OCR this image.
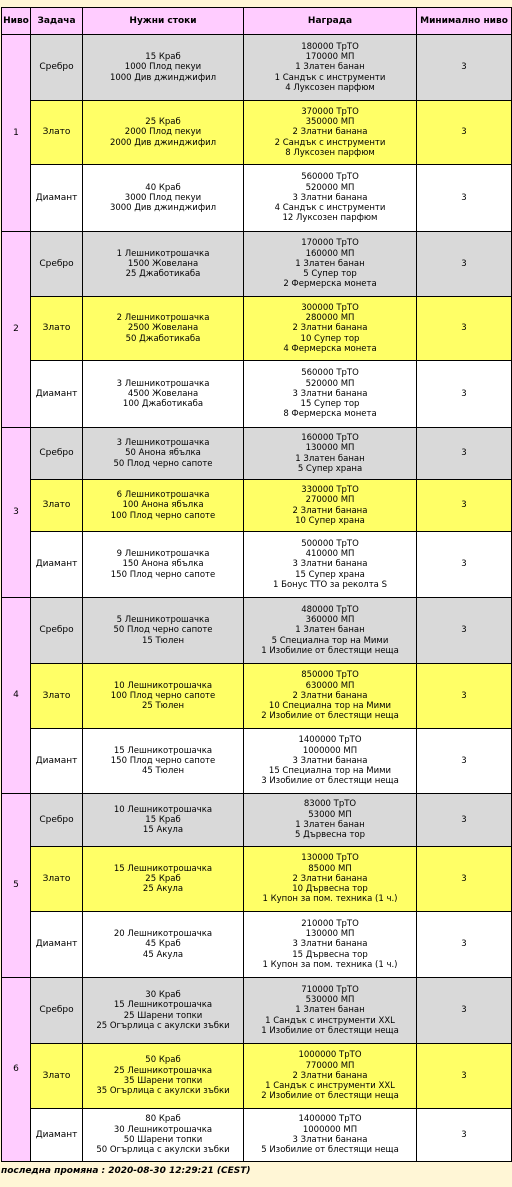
Ниво	Задача	Нужни стоки	Награда	Минимално ниво
1	Сребро	15 Краб
1000 Плод пекуи
1000 Див джинджифил	180000 ТрТО
170000 МП
1 Златен банан
1 Сандък с инструменти
4 Луксозен парфюм	3
	Злато	25 Краб
2000 Плод пекуи
2000 Див джинджифил	370000 ТрТО
350000 МП
2 Златни банана
2 Сандък с инструменти
8 Луксозен парфюм	3
	Диамант	40 Краб
3000 Плод пекуи
3000 Див джинджифил	560000 ТрТО
520000 МП
3 Златни банана
4 Сандък с инструменти
12 Луксозен парфюм	3
2	Сребро	1 Лешникотрошачка
1500 Жовелана
25 Джаботикаба	170000 ТрТО
160000 МП
1 Златен банан
5 Супер тор
2 Фермерска монета	3
	Злато	2 Лешникотрошачка
2500 Жовелана
50 Джаботикаба	300000 ТрТО
280000 МП
2 Златни банана
10 Супер тор
4 Фермерска монета	3
	Диамант	3 Лешникотрошачка
4500 Жовелана
100 Джаботикаба	560000 ТрТО
520000 МП
3 Златни банана
15 Супер тор
8 Фермерска монета	3
3	Сребро	3 Лешникотрошачка
50 Анона ябълка
50 Плод черно сапоте	160000 ТрТО
130000 МП
1 Златен банан
5 Супер храна	3
	Злато	6 Лешникотрошачка
100 Анона ябълка
100 Плод черно сапоте	330000 ТрТО
270000 МП
2 Златни банана
10 Супер храна	3
	Диамант	9 Лешникотрошачка
150 Анона ябълка
150 Плод черно сапоте	500000 ТрТО
410000 МП
3 Златни банана
15 Супер храна
1 Бонус ТТО за реколта S	3
4	Сребро	5 Лешникотрошачка
50 Плод черно сапоте
15 Тюлен	480000 ТрТО
360000 МП
1 Златен банан
5 Специална тор на Мими
1 Изобилие от блестящи неща	3
	Злато	10 Лешникотрошачка
100 Плод черно сапоте
25 Тюлен	850000 ТрТО
630000 МП
2 Златни банана
10 Специална тор на Мими
2 Изобилие от блестящи неща	3
	Диамант	15 Лешникотрошачка
150 Плод черно сапоте
45 Тюлен	1400000 ТрТО
1000000 МП
3 Златни банана
15 Специална тор на Мими
3 Изобилие от блестящи неща	3
5	Сребро	10 Лешникотрошачка
15 Краб
15 Акула	83000 ТрТО
53000 МП
1 Златен банан
5 Дървесна тор	3
	Злато	15 Лешникотрошачка
25 Краб
25 Акула	130000 ТрТО
85000 МП
2 Златни банана
10 Дървесна тор
1 Купон за пом. техника (1 ч.)	3
	Диамант	20 Лешникотрошачка
45 Краб
45 Акула	210000 ТрТО
130000 МП
3 Златни банана
15 Дървесна тор
1 Купон за пом. техника (1 ч.)	3
6	Сребро	30 Краб
15 Лешникотрошачка
25 Шарени топки
25 Огърлица с акулски зъбки	710000 ТрТО
530000 МП
1 Златен банан
1 Сандък с инструменти XXL
1 Изобилие от блестящи неща	3
	Злато	50 Краб
25 Лешникотрошачка
35 Шарени топки
35 Огърлица с акулски зъбки	1000000 ТрТО
770000 МП
2 Златни банана
1 Сандък с инструменти XXL
2 Изобилие от блестящи неща	3
	Диамант	80 Краб
30 Лешникотрошачка
50 Шарени топки
50 Огърлица с акулски зъбки	1400000 ТрТО
1000000 МП
3 Златни банана
5 Изобилие от блестящи неща	3
последна промяна : 2020-08-30 12:29:21 (CEST)
